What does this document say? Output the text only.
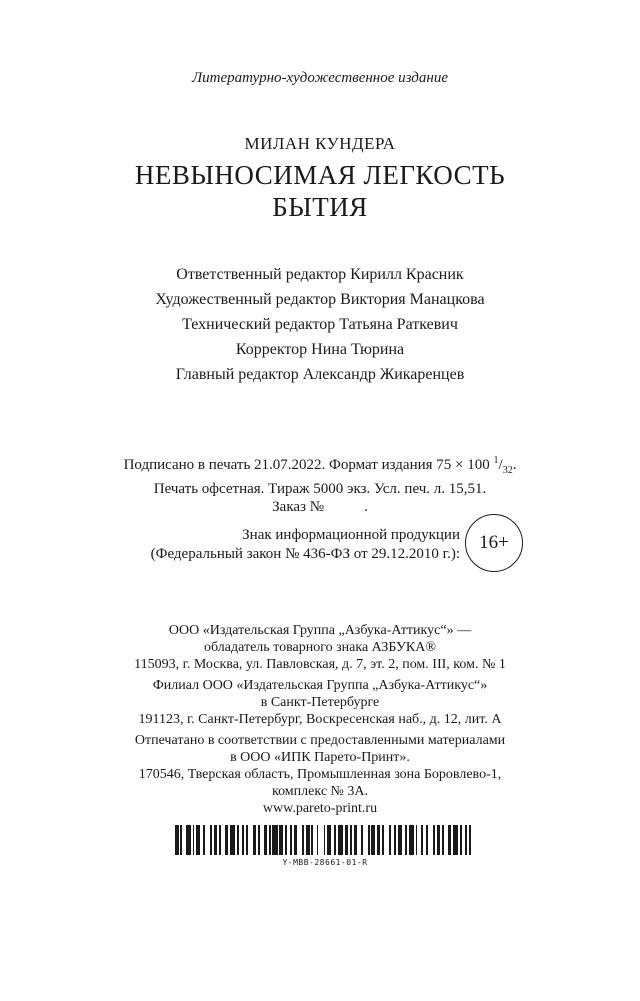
Литературно-художественное издание
МИЛАН КУНДЕРА
НЕВЫНОСИМАЯ ЛЕГКОСТЬ
БЫТИЯ
Ответственный редактор Кирилл Красник
Художественный редактор Виктория Манацкова
Технический редактор Татьяна Раткевич
Корректор Нина Тюрина
Главный редактор Александр Жикаренцев
Подписано в печать 21.07.2022. Формат издания 75 × 100 $^1/_{32}$.
Печать офсетная. Тираж 5000 экз. Усл. печ. л. 15,51.
Заказ №	.
Знак информационной продукции
(Федеральный закон № 436-ФЗ от 29.12.2010 г.):
16+
ООО «Издательская Группа „Азбука-Аттикус“» —
обладатель товарного знака АЗБУКА®
115093, г. Москва, ул. Павловская, д. 7, эт. 2, пом. III, ком. № 1
Филиал ООО «Издательская Группа „Азбука-Аттикус“»
в Санкт-Петербурге
191123, г. Санкт-Петербург, Воскресенская наб., д. 12, лит. А
Отпечатано в соответствии с предоставленными материалами
в ООО «ИПК Парето-Принт».
170546, Тверская область, Промышленная зона Боровлево-1,
комплекс № 3А.
www.pareto-print.ru
Y-MBB-28661-01-R
